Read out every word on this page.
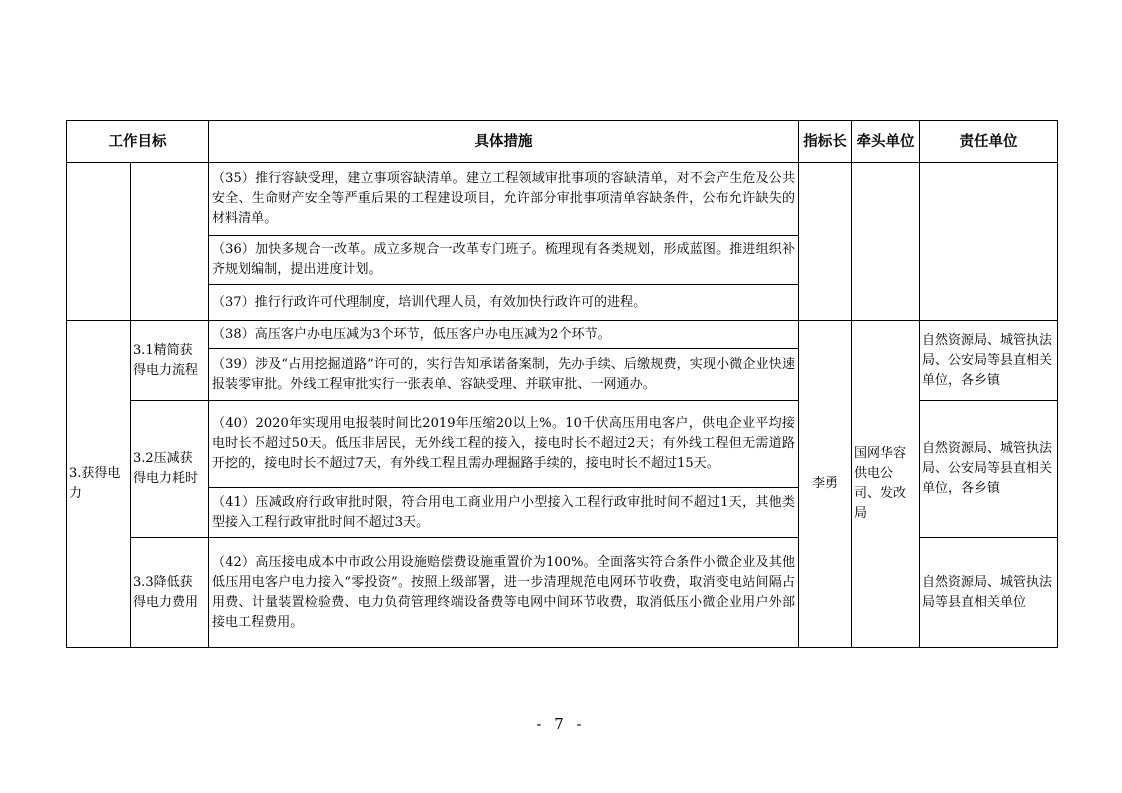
工作目标		具体措施	指标长	牵头单位	责任单位
		（35）推行容缺受理，建立事项容缺清单。建立工程领域审批事项的容缺清单，对不会产生危及公共安全、生命财产安全等严重后果的工程建设项目，允许部分审批事项清单容缺条件，公布允许缺失的材料清单。			
		（36）加快多规合一改革。成立多规合一改革专门班子。梳理现有各类规划，形成蓝图。推进组织补齐规划编制，提出进度计划。			
		（37）推行行政许可代理制度，培训代理人员，有效加快行政许可的进程。			
3.获得电力	3.1精简获得电力流程	（38）高压客户办电压减为3个环节，低压客户办电压减为2个环节。	李勇	国网华容供电公司、发改局	自然资源局、城管执法局、公安局等县直相关单位，各乡镇
		（39）涉及“占用挖掘道路”许可的，实行告知承诺备案制，先办手续、后缴规费，实现小微企业快速报装零审批。外线工程审批实行一张表单、容缺受理、并联审批、一网通办。			
	3.2压减获得电力耗时	（40）2020年实现用电报装时间比2019年压缩20以上%。10千伏高压用电客户，供电企业平均接电时长不超过50天。低压非居民，无外线工程的接入，接电时长不超过2天；有外线工程但无需道路开挖的，接电时长不超过7天，有外线工程且需办理掘路手续的，接电时长不超过15天。			自然资源局、城管执法局、公安局等县直相关单位，各乡镇
		（41）压减政府行政审批时限，符合用电工商业用户小型接入工程行政审批时间不超过1天，其他类型接入工程行政审批时间不超过3天。			
	3.3降低获得电力费用	（42）高压接电成本中市政公用设施赔偿费设施重置价为100%。全面落实符合条件小微企业及其他低压用电客户电力接入“零投资”。按照上级部署，进一步清理规范电网环节收费，取消变电站间隔占用费、计量装置检验费、电力负荷管理终端设备费等电网中间环节收费，取消低压小微企业用户外部接电工程费用。			自然资源局、城管执法局等县直相关单位
- 7 -
